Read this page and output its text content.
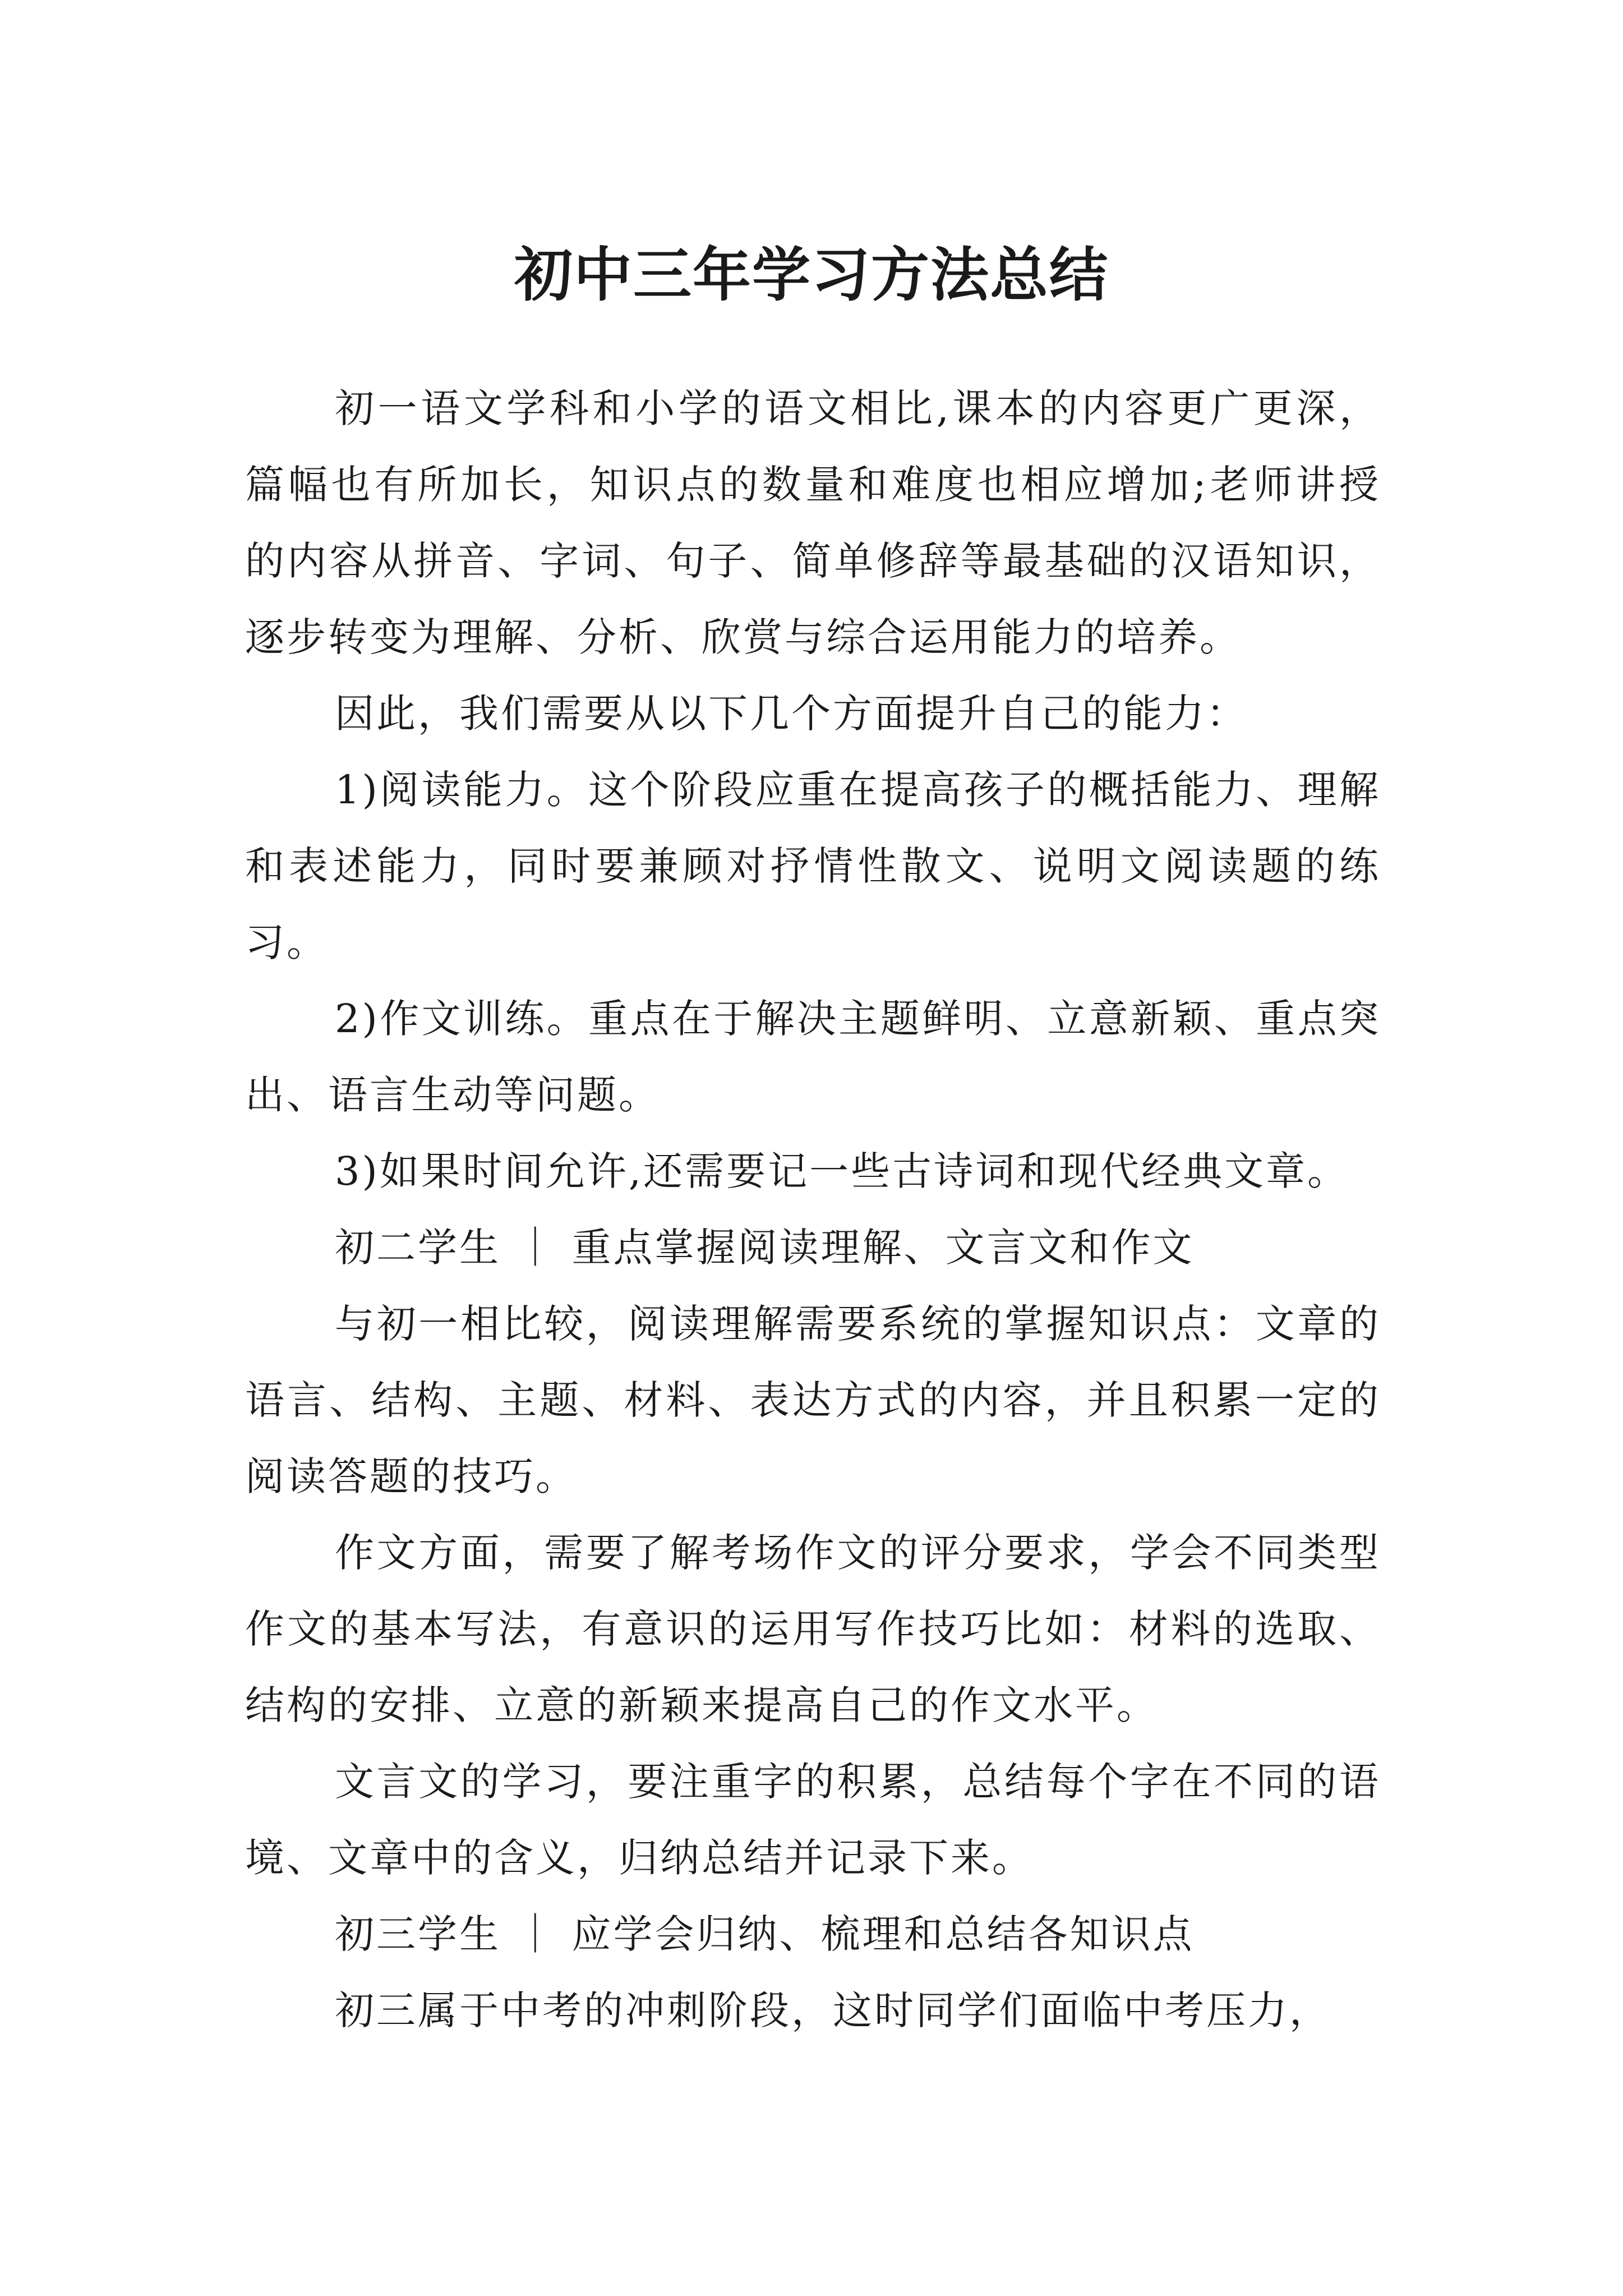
初中三年学习方法总结

初一语文学科和小学的语文相比,课本的内容更广更深，篇幅也有所加长，知识点的数量和难度也相应增加;老师讲授的内容从拼音、字词、句子、简单修辞等最基础的汉语知识，逐步转变为理解、分析、欣赏与综合运用能力的培养。

因此，我们需要从以下几个方面提升自己的能力：

1)阅读能力。这个阶段应重在提高孩子的概括能力、理解和表述能力，同时要兼顾对抒情性散文、说明文阅读题的练习。

2)作文训练。重点在于解决主题鲜明、立意新颖、重点突出、语言生动等问题。

3)如果时间允许,还需要记一些古诗词和现代经典文章。

初二学生 ｜ 重点掌握阅读理解、文言文和作文

与初一相比较，阅读理解需要系统的掌握知识点：文章的语言、结构、主题、材料、表达方式的内容，并且积累一定的阅读答题的技巧。

作文方面，需要了解考场作文的评分要求，学会不同类型作文的基本写法，有意识的运用写作技巧比如：材料的选取、结构的安排、立意的新颖来提高自己的作文水平。

文言文的学习，要注重字的积累，总结每个字在不同的语境、文章中的含义，归纳总结并记录下来。

初三学生 ｜ 应学会归纳、梳理和总结各知识点

初三属于中考的冲刺阶段，这时同学们面临中考压力，
